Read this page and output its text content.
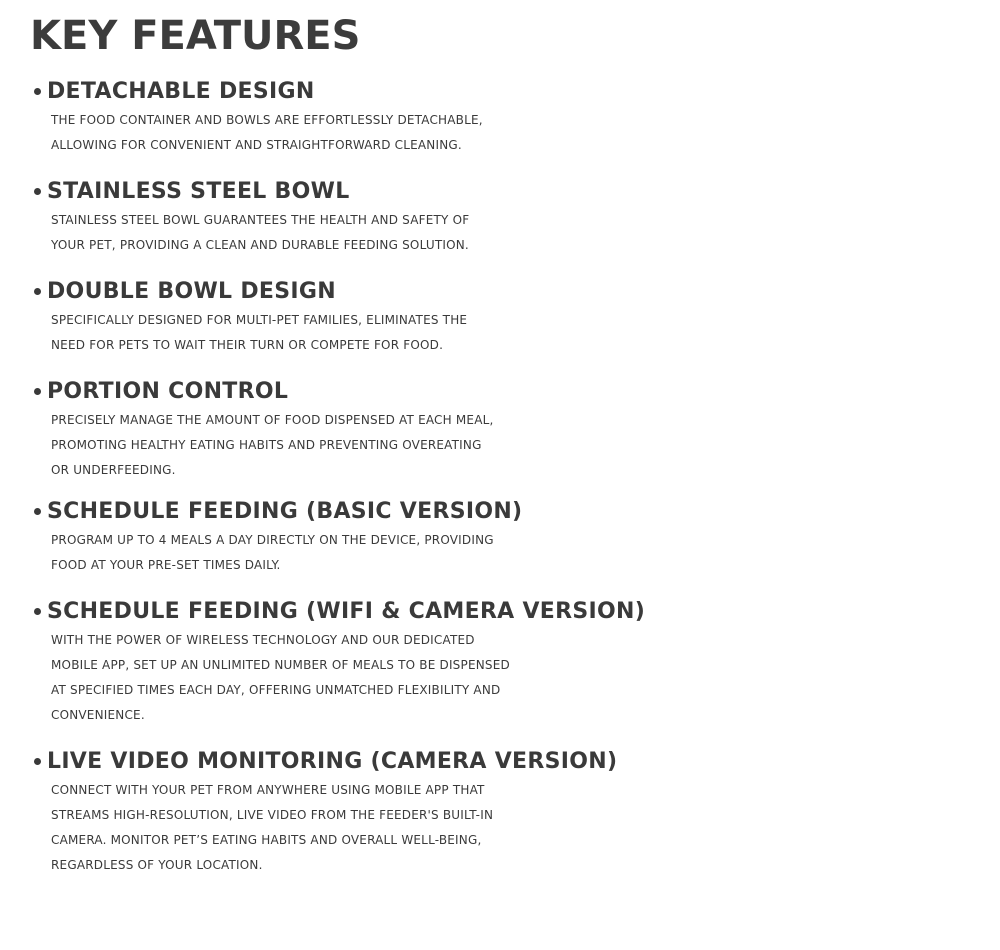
KEY FEATURES
DETACHABLE DESIGN
THE FOOD CONTAINER AND BOWLS ARE EFFORTLESSLY DETACHABLE,
ALLOWING FOR CONVENIENT AND STRAIGHTFORWARD CLEANING.
STAINLESS STEEL BOWL
STAINLESS STEEL BOWL GUARANTEES THE HEALTH AND SAFETY OF
YOUR PET, PROVIDING A CLEAN AND DURABLE FEEDING SOLUTION.
DOUBLE BOWL DESIGN
SPECIFICALLY DESIGNED FOR MULTI-PET FAMILIES, ELIMINATES THE
NEED FOR PETS TO WAIT THEIR TURN OR COMPETE FOR FOOD.
PORTION CONTROL
PRECISELY MANAGE THE AMOUNT OF FOOD DISPENSED AT EACH MEAL,
PROMOTING HEALTHY EATING HABITS AND PREVENTING OVEREATING
OR UNDERFEEDING.
SCHEDULE FEEDING (BASIC VERSION)
PROGRAM UP TO 4 MEALS A DAY DIRECTLY ON THE DEVICE, PROVIDING
FOOD AT YOUR PRE-SET TIMES DAILY.
SCHEDULE FEEDING (WIFI & CAMERA VERSION)
WITH THE POWER OF WIRELESS TECHNOLOGY AND OUR DEDICATED
MOBILE APP, SET UP AN UNLIMITED NUMBER OF MEALS TO BE DISPENSED
AT SPECIFIED TIMES EACH DAY, OFFERING UNMATCHED FLEXIBILITY AND
CONVENIENCE.
LIVE VIDEO MONITORING (CAMERA VERSION)
CONNECT WITH YOUR PET FROM ANYWHERE USING MOBILE APP THAT
STREAMS HIGH-RESOLUTION, LIVE VIDEO FROM THE FEEDER'S BUILT-IN
CAMERA. MONITOR PET’S EATING HABITS AND OVERALL WELL-BEING,
REGARDLESS OF YOUR LOCATION.
